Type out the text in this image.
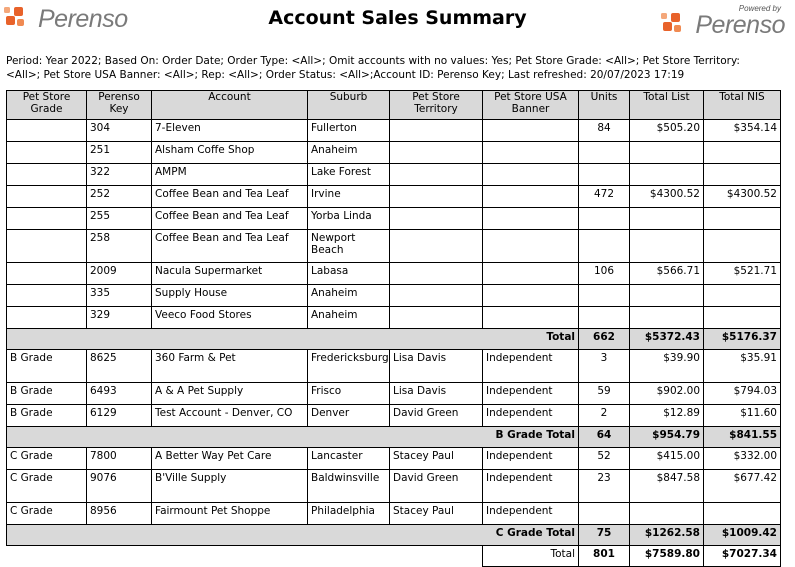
Perenso	Account Sales Summary	Powered by
Perenso
Period: Year 2022; Based On: Order Date; Order Type: <All>; Omit accounts with no values: Yes; Pet Store Grade: <All>; Pet Store Territory: <All>; Pet Store USA Banner: <All>; Rep: <All>; Order Status: <All>;Account ID: Perenso Key; Last refreshed: 20/07/2023 17:19
Pet Store Grade	Perenso Key	Account	Suburb	Pet Store Territory	Pet Store USA Banner	Units	Total List	Total NIS
	304	7-Eleven	Fullerton			84	$505.20	$354.14
	251	Alsham Coffe Shop	Anaheim					
	322	AMPM	Lake Forest					
	252	Coffee Bean and Tea Leaf	Irvine			472	$4300.52	$4300.52
	255	Coffee Bean and Tea Leaf	Yorba Linda					
	258	Coffee Bean and Tea Leaf	Newport Beach					
	2009	Nacula Supermarket	Labasa			106	$566.71	$521.71
	335	Supply House	Anaheim					
	329	Veeco Food Stores	Anaheim					
Total						662	$5372.43	$5176.37
B Grade	8625	360 Farm & Pet	Fredericksburg	Lisa Davis	Independent	3	$39.90	$35.91
B Grade	6493	A & A Pet Supply	Frisco	Lisa Davis	Independent	59	$902.00	$794.03
B Grade	6129	Test Account - Denver, CO	Denver	David Green	Independent	2	$12.89	$11.60
B Grade Total						64	$954.79	$841.55
C Grade	7800	A Better Way Pet Care	Lancaster	Stacey Paul	Independent	52	$415.00	$332.00
C Grade	9076	B'Ville Supply	Baldwinsville	David Green	Independent	23	$847.58	$677.42
C Grade	8956	Fairmount Pet Shoppe	Philadelphia	Stacey Paul	Independent			
C Grade Total						75	$1262.58	$1009.42
					Total	801	$7589.80	$7027.34
